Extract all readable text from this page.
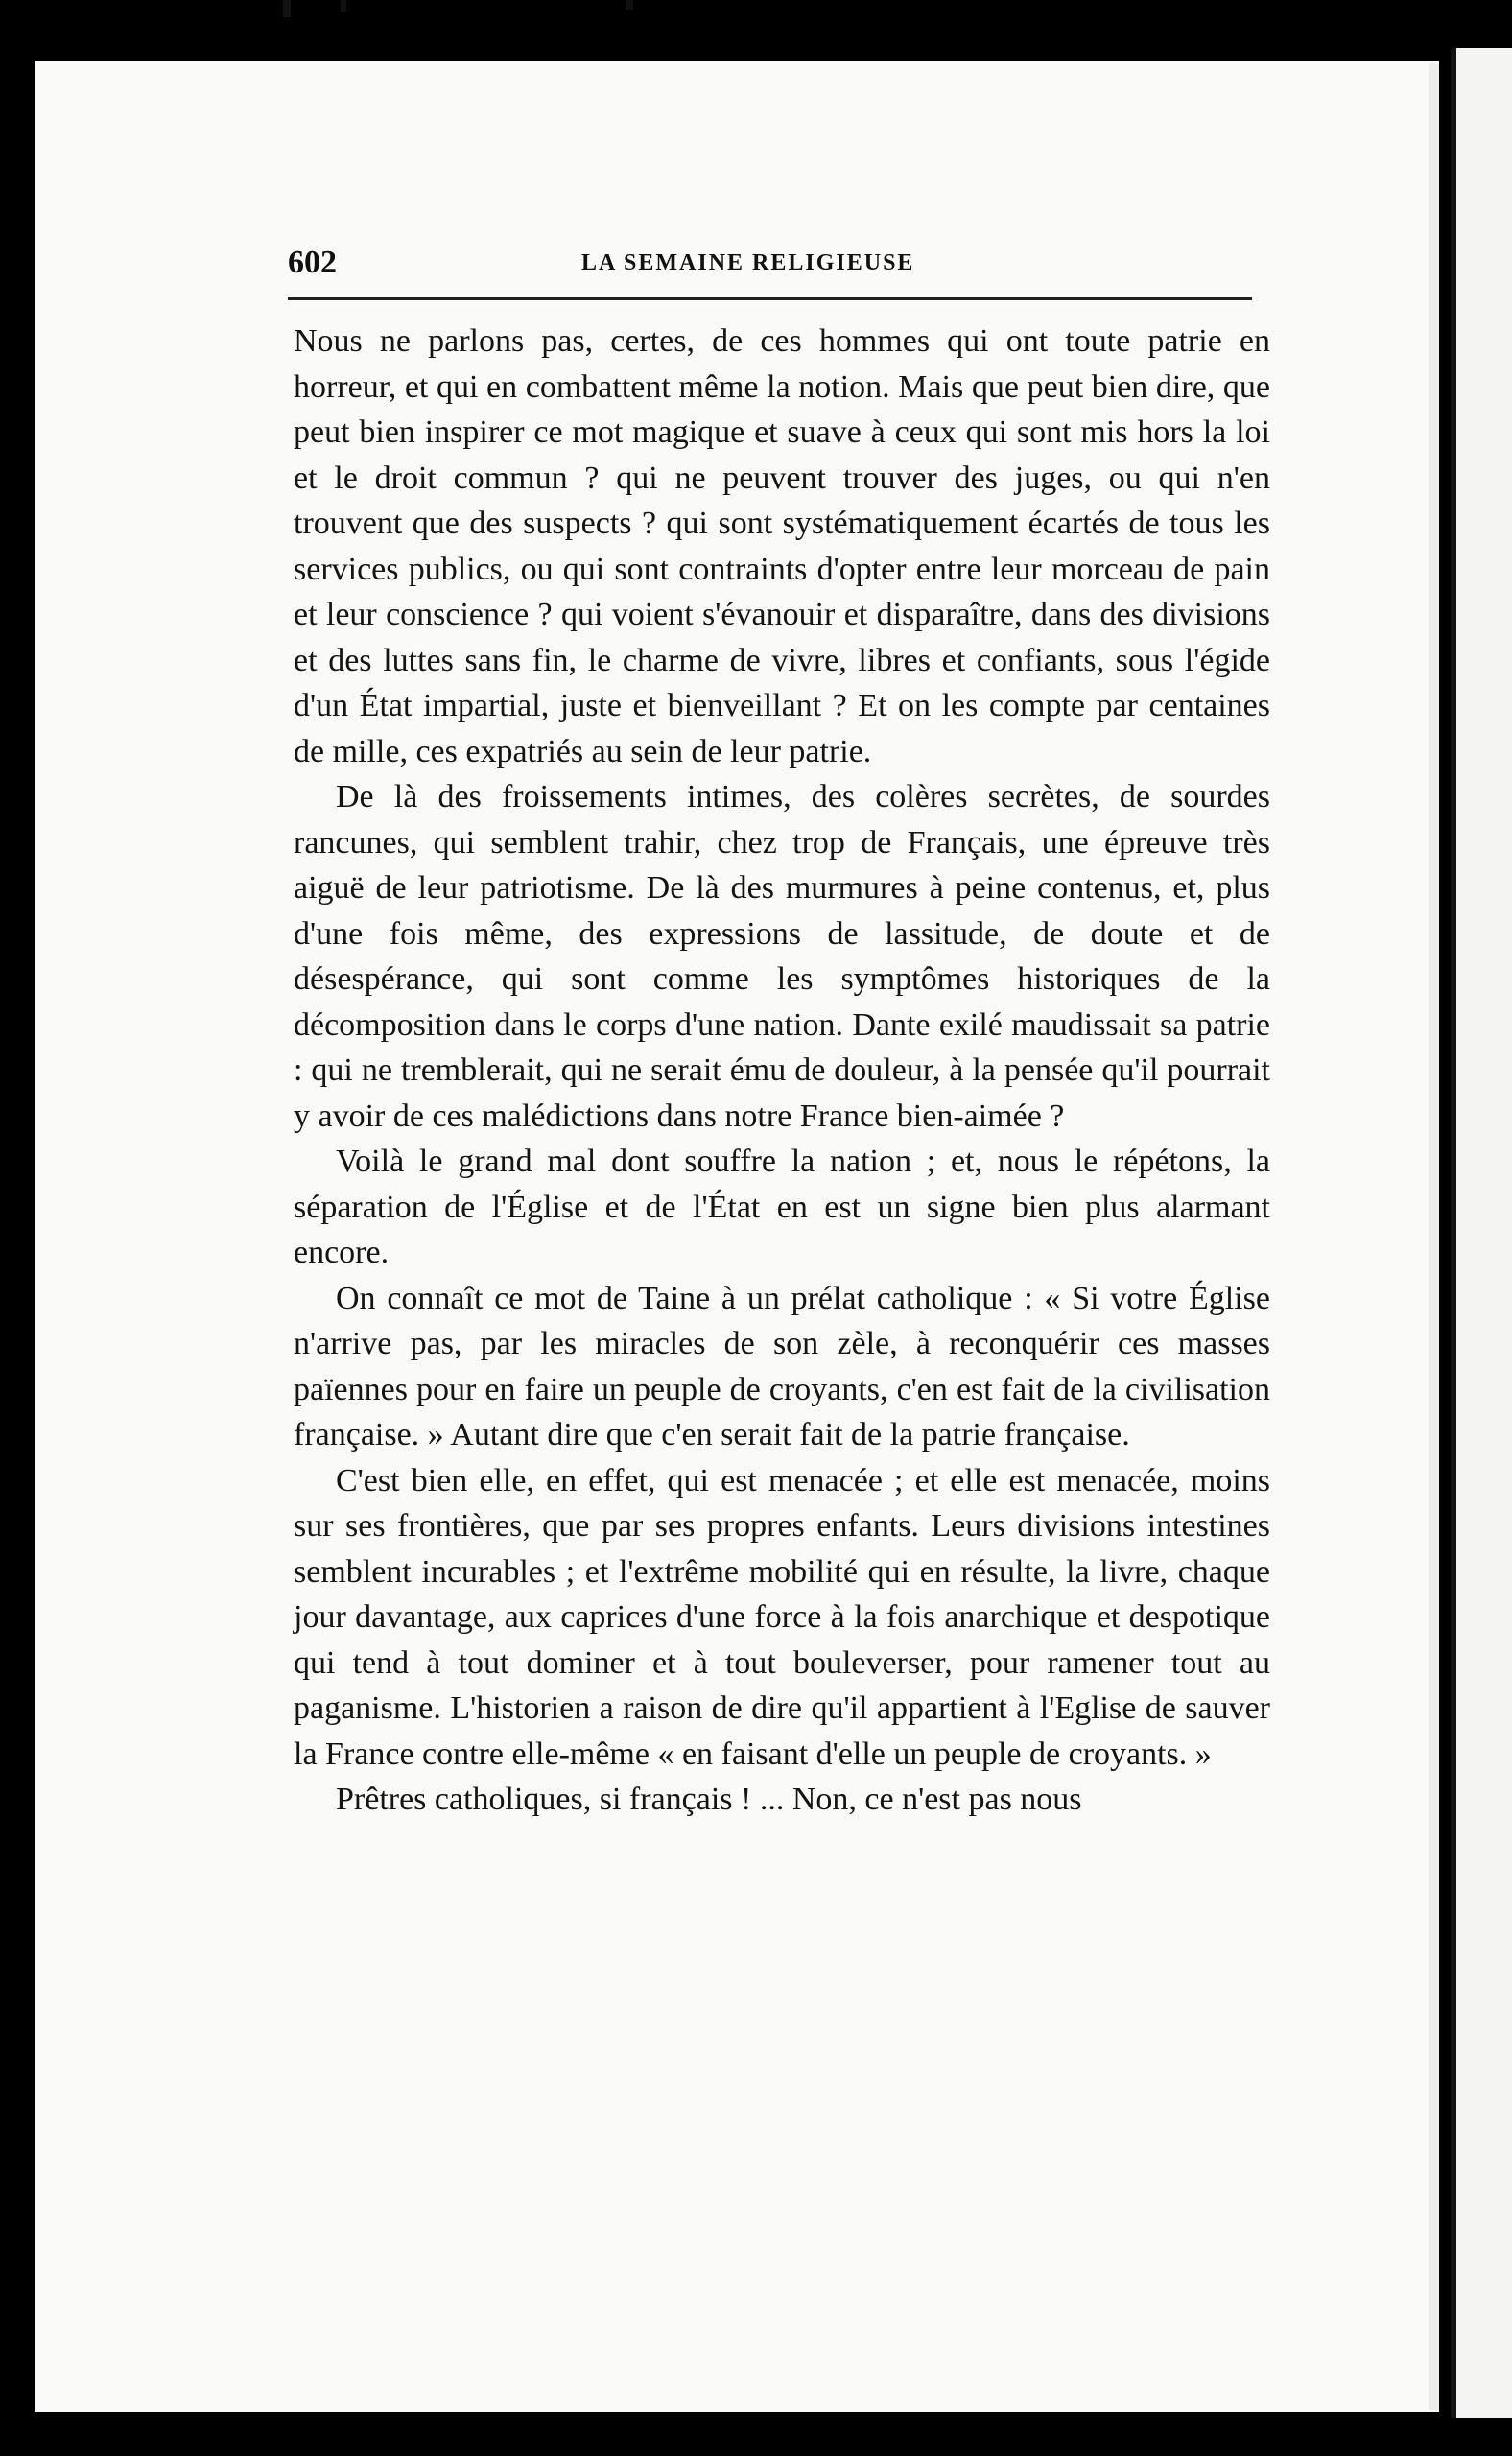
602	LA SEMAINE RELIGIEUSE

Nous ne parlons pas, certes, de ces hommes qui ont toute patrie en horreur, et qui en combattent même la notion. Mais que peut bien dire, que peut bien inspirer ce mot magique et suave à ceux qui sont mis hors la loi et le droit commun ? qui ne peuvent trouver des juges, ou qui n'en trouvent que des suspects ? qui sont systématiquement écartés de tous les services publics, ou qui sont contraints d'opter entre leur morceau de pain et leur conscience ? qui voient s'évanouir et disparaître, dans des divisions et des luttes sans fin, le charme de vivre, libres et confiants, sous l'égide d'un État impartial, juste et bienveillant ? Et on les compte par centaines de mille, ces expatriés au sein de leur patrie.

De là des froissements intimes, des colères secrètes, de sourdes rancunes, qui semblent trahir, chez trop de Français, une épreuve très aiguë de leur patriotisme. De là des murmures à peine contenus, et, plus d'une fois même, des expressions de lassitude, de doute et de désespérance, qui sont comme les symptômes historiques de la décomposition dans le corps d'une nation. Dante exilé maudissait sa patrie : qui ne tremblerait, qui ne serait ému de douleur, à la pensée qu'il pourrait y avoir de ces malédictions dans notre France bien-aimée ?

Voilà le grand mal dont souffre la nation ; et, nous le répétons, la séparation de l'Église et de l'État en est un signe bien plus alarmant encore.

On connaît ce mot de Taine à un prélat catholique : « Si votre Église n'arrive pas, par les miracles de son zèle, à reconquérir ces masses païennes pour en faire un peuple de croyants, c'en est fait de la civilisation française. » Autant dire que c'en serait fait de la patrie française.

C'est bien elle, en effet, qui est menacée ; et elle est menacée, moins sur ses frontières, que par ses propres enfants. Leurs divisions intestines semblent incurables ; et l'extrême mobilité qui en résulte, la livre, chaque jour davantage, aux caprices d'une force à la fois anarchique et despotique qui tend à tout dominer et à tout bouleverser, pour ramener tout au paganisme. L'historien a raison de dire qu'il appartient à l'Eglise de sauver la France contre elle-même « en faisant d'elle un peuple de croyants. »

Prêtres catholiques, si français ! ... Non, ce n'est pas nous
